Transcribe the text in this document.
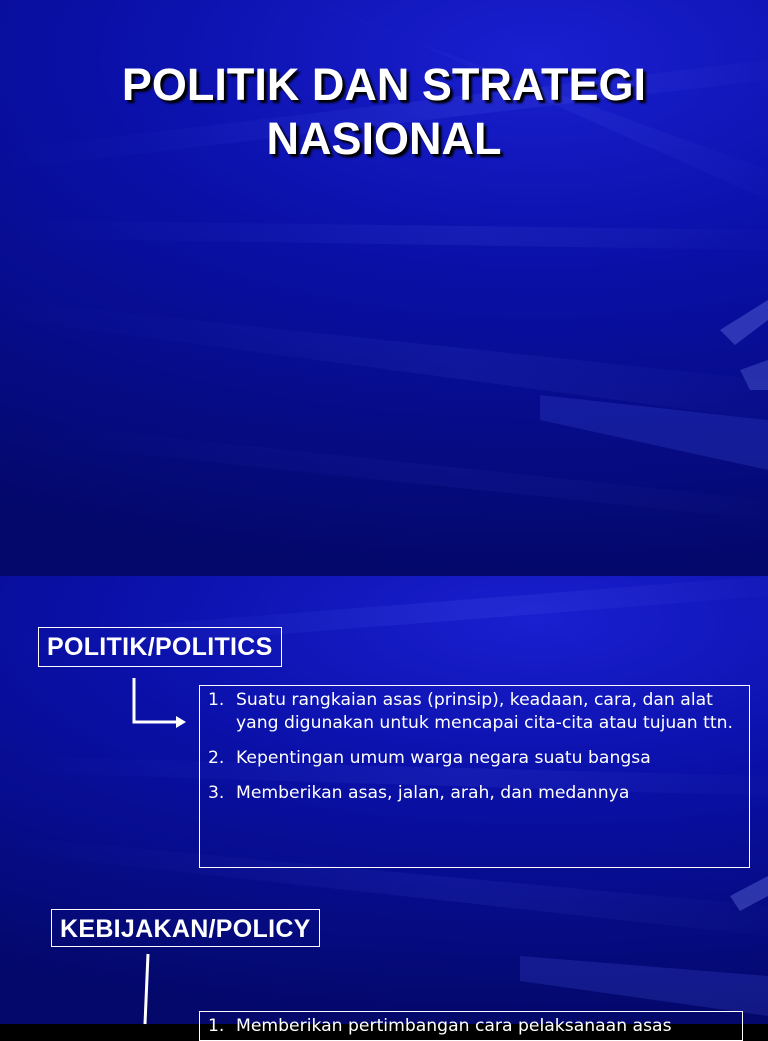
POLITIK DAN STRATEGI
NASIONAL
POLITIK/POLITICS
1. Suatu rangkaian asas (prinsip), keadaan, cara, dan alat yang digunakan untuk mencapai cita-cita atau tujuan ttn.
2. Kepentingan umum warga negara suatu bangsa
3. Memberikan asas, jalan, arah, dan medannya
KEBIJAKAN/POLICY
1. Memberikan pertimbangan cara pelaksanaan asas
